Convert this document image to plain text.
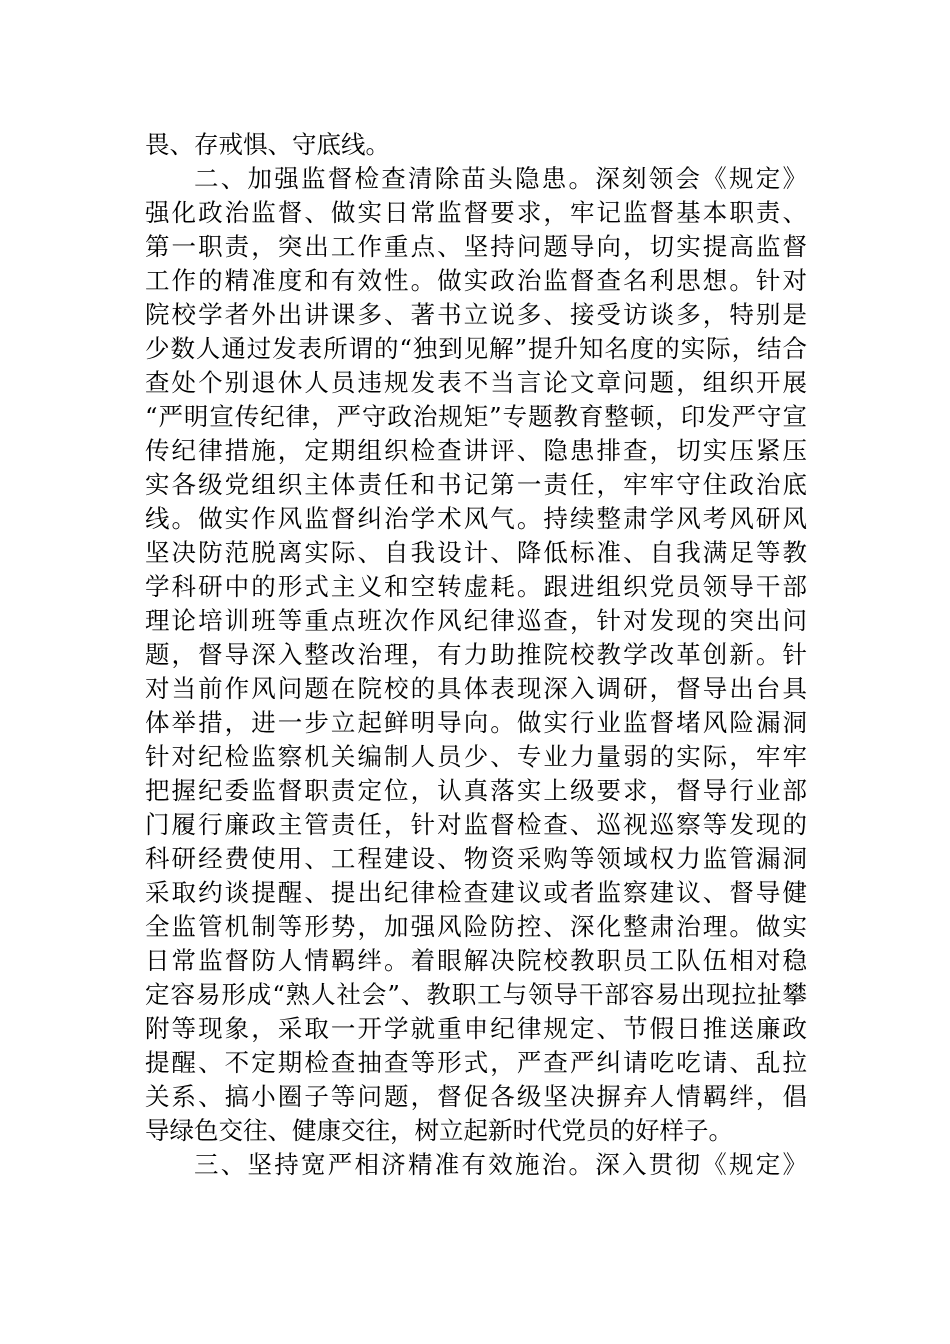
畏、存戒惧、守底线。
二、加强监督检查清除苗头隐患。深刻领会《规定》
强化政治监督、做实日常监督要求，牢记监督基本职责、
第一职责，突出工作重点、坚持问题导向，切实提高监督
工作的精准度和有效性。做实政治监督查名利思想。针对
院校学者外出讲课多、著书立说多、接受访谈多，特别是
少数人通过发表所谓的“独到见解”提升知名度的实际，结合
查处个别退休人员违规发表不当言论文章问题，组织开展
“严明宣传纪律，严守政治规矩”专题教育整顿，印发严守宣
传纪律措施，定期组织检查讲评、隐患排查，切实压紧压
实各级党组织主体责任和书记第一责任，牢牢守住政治底
线。做实作风监督纠治学术风气。持续整肃学风考风研风
坚决防范脱离实际、自我设计、降低标准、自我满足等教
学科研中的形式主义和空转虚耗。跟进组织党员领导干部
理论培训班等重点班次作风纪律巡查，针对发现的突出问
题，督导深入整改治理，有力助推院校教学改革创新。针
对当前作风问题在院校的具体表现深入调研，督导出台具
体举措，进一步立起鲜明导向。做实行业监督堵风险漏洞
针对纪检监察机关编制人员少、专业力量弱的实际，牢牢
把握纪委监督职责定位，认真落实上级要求，督导行业部
门履行廉政主管责任，针对监督检查、巡视巡察等发现的
科研经费使用、工程建设、物资采购等领域权力监管漏洞
采取约谈提醒、提出纪律检查建议或者监察建议、督导健
全监管机制等形势，加强风险防控、深化整肃治理。做实
日常监督防人情羁绊。着眼解决院校教职员工队伍相对稳
定容易形成“熟人社会”、教职工与领导干部容易出现拉扯攀
附等现象，采取一开学就重申纪律规定、节假日推送廉政
提醒、不定期检查抽查等形式，严查严纠请吃吃请、乱拉
关系、搞小圈子等问题，督促各级坚决摒弃人情羁绊，倡
导绿色交往、健康交往，树立起新时代党员的好样子。
三、坚持宽严相济精准有效施治。深入贯彻《规定》
